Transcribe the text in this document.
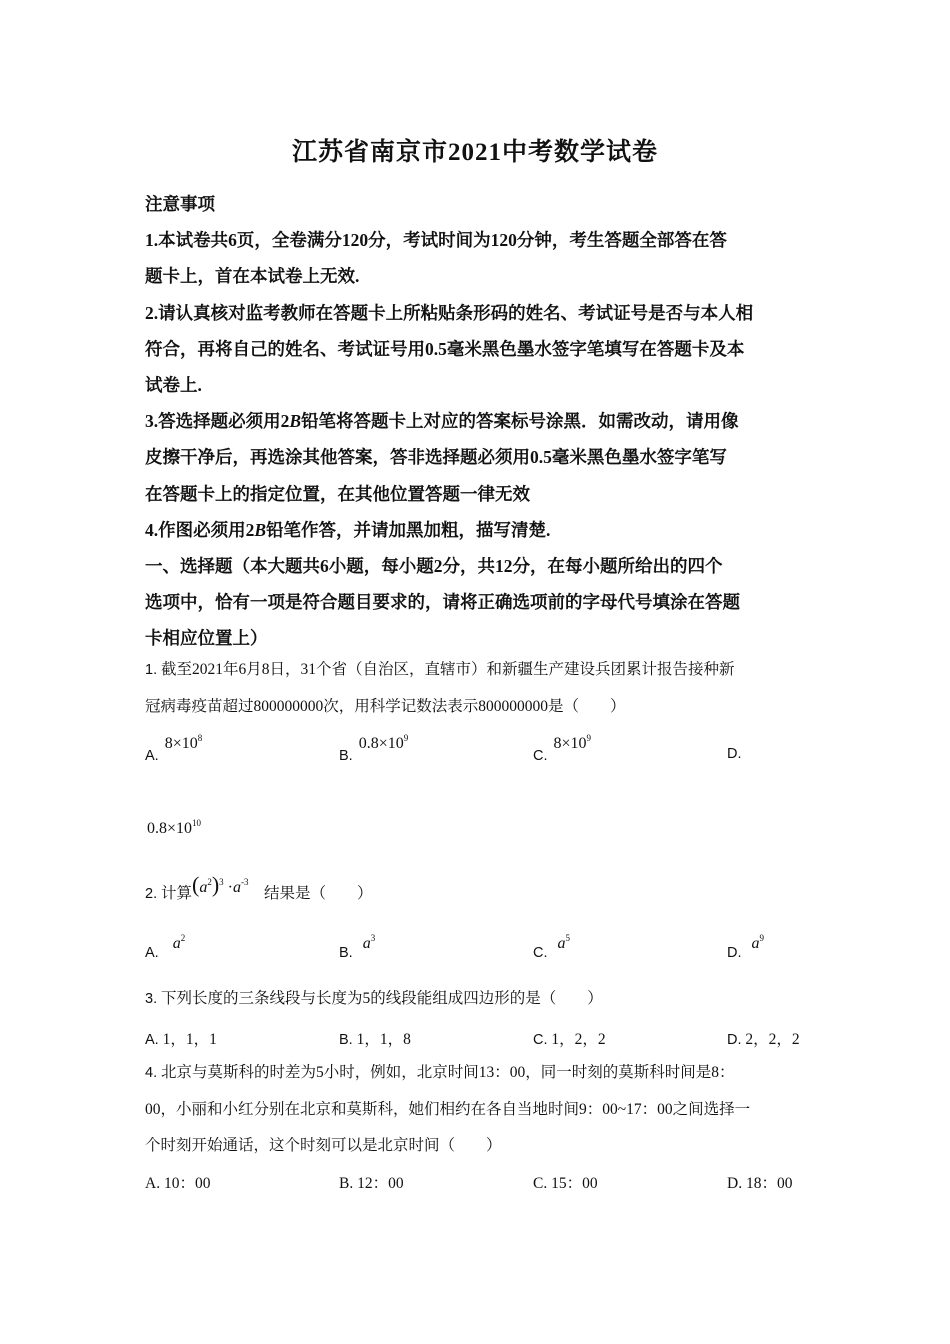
江苏省南京市2021中考数学试卷

注意事项

1.本试卷共6页，全卷满分120分，考试时间为120分钟，考生答题全部答在答

题卡上，首在本试卷上无效.

2.请认真核对监考教师在答题卡上所粘贴条形码的姓名、考试证号是否与本人相

符合，再将自己的姓名、考试证号用0.5毫米黑色墨水签字笔填写在答题卡及本

试卷上.

3.答选择题必须用2B铅笔将答题卡上对应的答案标号涂黑．如需改动，请用像

皮擦干净后，再选涂其他答案，答非选择题必须用0.5毫米黑色墨水签字笔写

在答题卡上的指定位置，在其他位置答题一律无效

4.作图必须用2B铅笔作答，并请加黑加粗，描写清楚.

一、选择题（本大题共6小题，每小题2分，共12分，在每小题所给出的四个

选项中，恰有一项是符合题目要求的，请将正确选项前的字母代号填涂在答题

卡相应位置上）

1. 截至2021年6月8日，31个省（自治区，直辖市）和新疆生产建设兵团累计报告接种新

冠病毒疫苗超过800000000次，用科学记数法表示800000000是（　　）

$A.8\times 10^8$
$B.0.8\times 10^9$
$C.8\times 10^9$
D.
$0.8\times 10^{10}$

2. 计算$(a^2)^3 \cdot a^{-3}$    结果是（　　）

$A.a^2$
$B.a^3$
$C.a^5$
$D.a^9$

3. 下列长度的三条线段与长度为5的线段能组成四边形的是（　　）

A. 1，1，1	B. 1，1，8	C. 1，2，2	D. 2，2，2

4. 北京与莫斯科的时差为5小时，例如，北京时间13：00，同一时刻的莫斯科时间是8：

00，小丽和小红分别在北京和莫斯科，她们相约在各自当地时间9：00~17：00之间选择一

个时刻开始通话，这个时刻可以是北京时间（　　）

A. 10：00	B. 12：00	C. 15：00	D. 18：00
